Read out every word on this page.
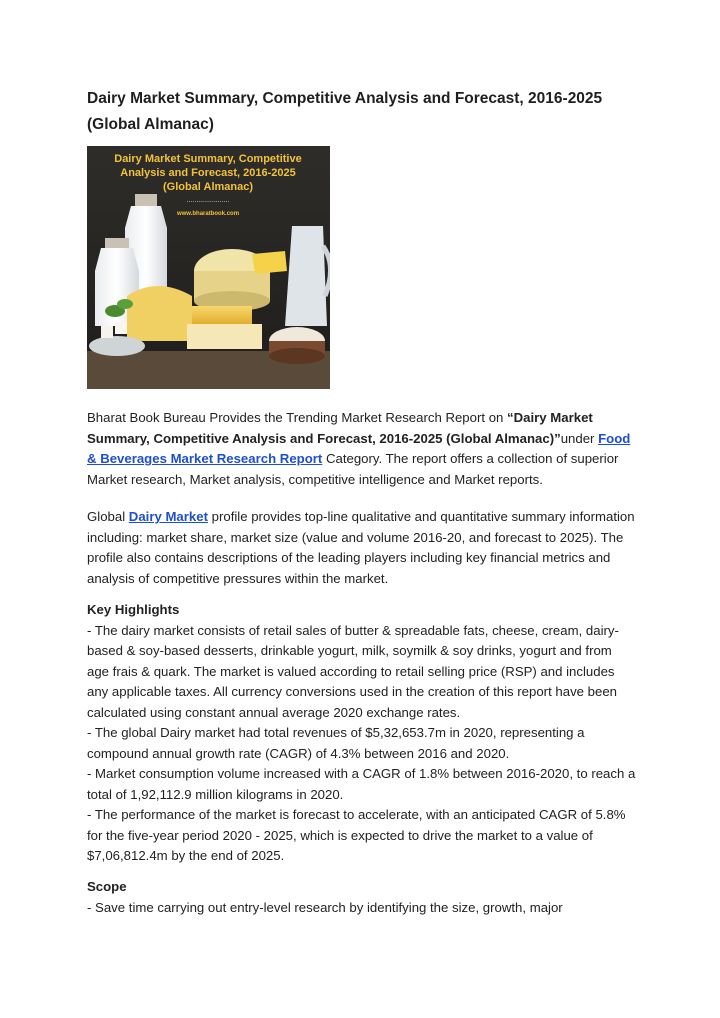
Dairy Market Summary, Competitive Analysis and Forecast, 2016-2025 (Global Almanac)
Dairy Market Summary, Competitive
Analysis and Forecast, 2016-2025
(Global Almanac)
......................
www.bharatbook.com
Bharat Book Bureau Provides the Trending Market Research Report on “Dairy Market Summary, Competitive Analysis and Forecast, 2016-2025 (Global Almanac)”under Food & Beverages Market Research Report Category. The report offers a collection of superior Market research, Market analysis, competitive intelligence and Market reports.
Global Dairy Market profile provides top-line qualitative and quantitative summary information including: market share, market size (value and volume 2016-20, and forecast to 2025). The profile also contains descriptions of the leading players including key financial metrics and analysis of competitive pressures within the market.
Key Highlights
- The dairy market consists of retail sales of butter & spreadable fats, cheese, cream, dairy-based & soy-based desserts, drinkable yogurt, milk, soymilk & soy drinks, yogurt and from age frais & quark. The market is valued according to retail selling price (RSP) and includes any applicable taxes. All currency conversions used in the creation of this report have been calculated using constant annual average 2020 exchange rates.
- The global Dairy market had total revenues of $5,32,653.7m in 2020, representing a compound annual growth rate (CAGR) of 4.3% between 2016 and 2020.
- Market consumption volume increased with a CAGR of 1.8% between 2016-2020, to reach a total of 1,92,112.9 million kilograms in 2020.
- The performance of the market is forecast to accelerate, with an anticipated CAGR of 5.8% for the five-year period 2020 - 2025, which is expected to drive the market to a value of $7,06,812.4m by the end of 2025.
Scope
- Save time carrying out entry-level research by identifying the size, growth, major
